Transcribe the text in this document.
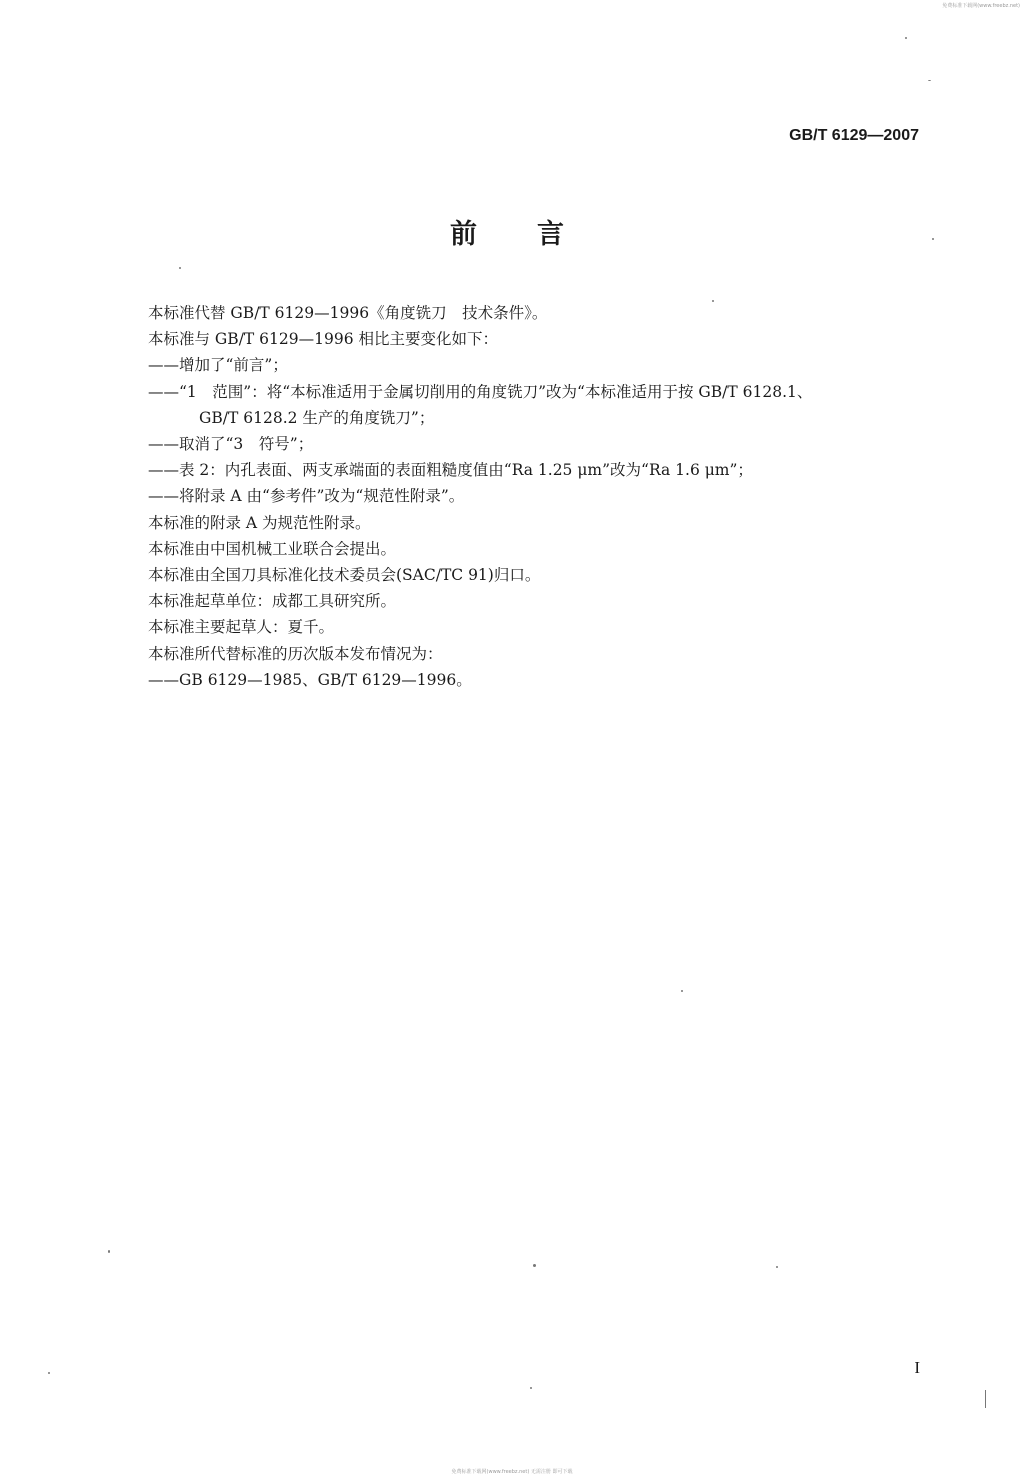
免费标准下载网(www.freebz.net)
GB/T 6129—2007
前言
本标准代替 GB/T 6129—1996《角度铣刀　技术条件》。
本标准与 GB/T 6129—1996 相比主要变化如下：
——增加了“前言”；
——“1　范围”：将“本标准适用于金属切削用的角度铣刀”改为“本标准适用于按 GB/T 6128.1、
GB/T 6128.2 生产的角度铣刀”；
——取消了“3　符号”；
——表 2：内孔表面、两支承端面的表面粗糙度值由“Ra 1.25 μm”改为“Ra 1.6 μm”；
——将附录 A 由“参考件”改为“规范性附录”。
本标准的附录 A 为规范性附录。
本标准由中国机械工业联合会提出。
本标准由全国刀具标准化技术委员会(SAC/TC 91)归口。
本标准起草单位：成都工具研究所。
本标准主要起草人：夏千。
本标准所代替标准的历次版本发布情况为：
——GB 6129—1985、GB/T 6129—1996。
I
免费标准下载网(www.freebz.net) 无需注册 即可下载
